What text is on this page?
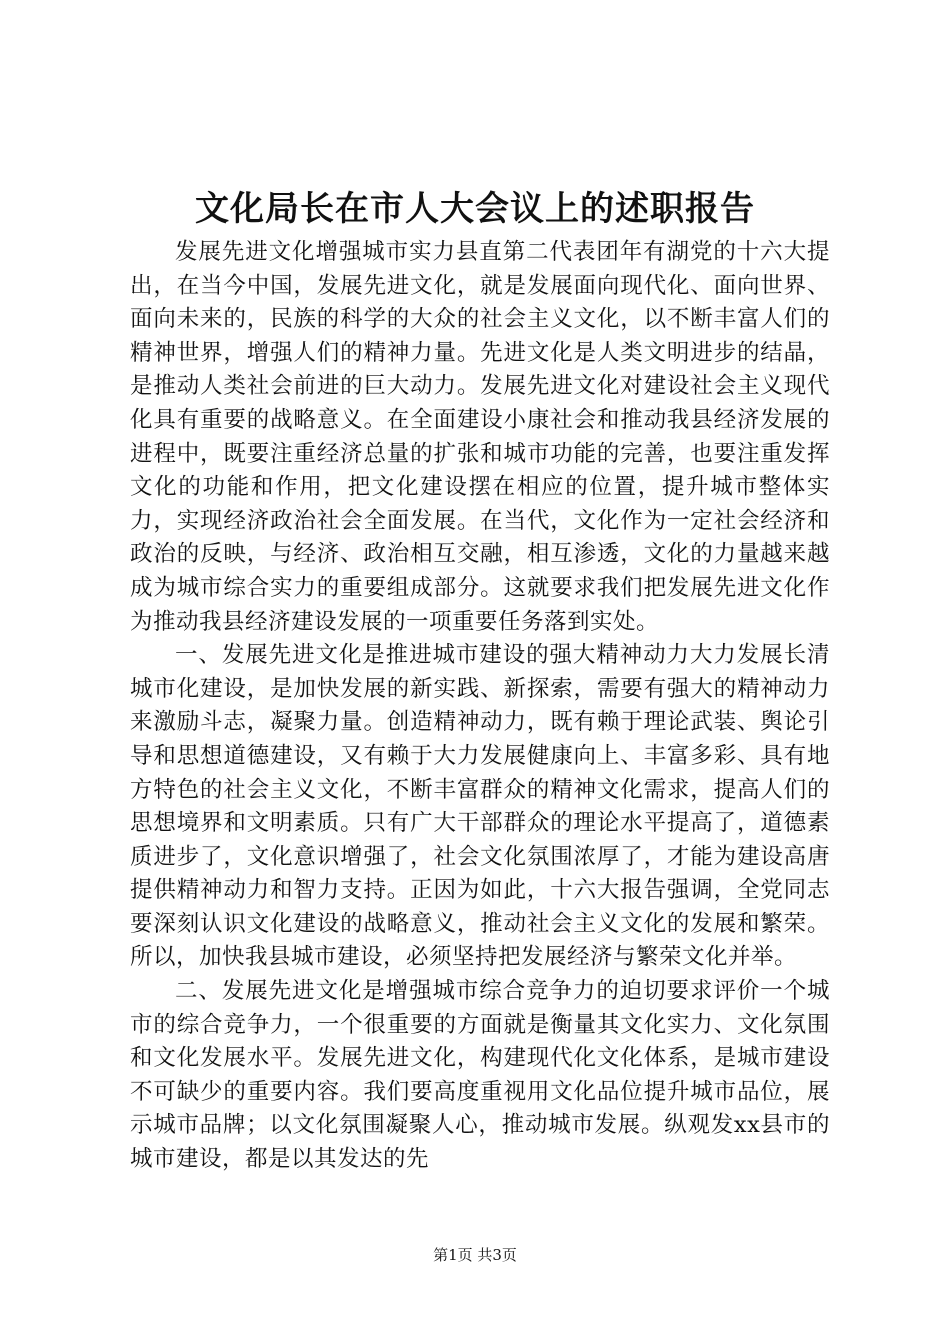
文化局长在市人大会议上的述职报告

发展先进文化增强城市实力县直第二代表团年有湖党的十六大提出，在当今中国，发展先进文化，就是发展面向现代化、面向世界、面向未来的，民族的科学的大众的社会主义文化，以不断丰富人们的精神世界，增强人们的精神力量。先进文化是人类文明进步的结晶，是推动人类社会前进的巨大动力。发展先进文化对建设社会主义现代化具有重要的战略意义。在全面建设小康社会和推动我县经济发展的进程中，既要注重经济总量的扩张和城市功能的完善，也要注重发挥文化的功能和作用，把文化建设摆在相应的位置，提升城市整体实力，实现经济政治社会全面发展。在当代，文化作为一定社会经济和政治的反映，与经济、政治相互交融，相互渗透，文化的力量越来越成为城市综合实力的重要组成部分。这就要求我们把发展先进文化作为推动我县经济建设发展的一项重要任务落到实处。

一、发展先进文化是推进城市建设的强大精神动力大力发展长清城市化建设，是加快发展的新实践、新探索，需要有强大的精神动力来激励斗志，凝聚力量。创造精神动力，既有赖于理论武装、舆论引导和思想道德建设，又有赖于大力发展健康向上、丰富多彩、具有地方特色的社会主义文化，不断丰富群众的精神文化需求，提高人们的思想境界和文明素质。只有广大干部群众的理论水平提高了，道德素质进步了，文化意识增强了，社会文化氛围浓厚了，才能为建设高唐提供精神动力和智力支持。正因为如此，十六大报告强调，全党同志要深刻认识文化建设的战略意义，推动社会主义文化的发展和繁荣。所以，加快我县城市建设，必须坚持把发展经济与繁荣文化并举。

二、发展先进文化是增强城市综合竞争力的迫切要求评价一个城市的综合竞争力，一个很重要的方面就是衡量其文化实力、文化氛围和文化发展水平。发展先进文化，构建现代化文化体系，是城市建设不可缺少的重要内容。我们要高度重视用文化品位提升城市品位，展示城市品牌；以文化氛围凝聚人心，推动城市发展。纵观发xx县市的城市建设，都是以其发达的先

第1页 共3页
